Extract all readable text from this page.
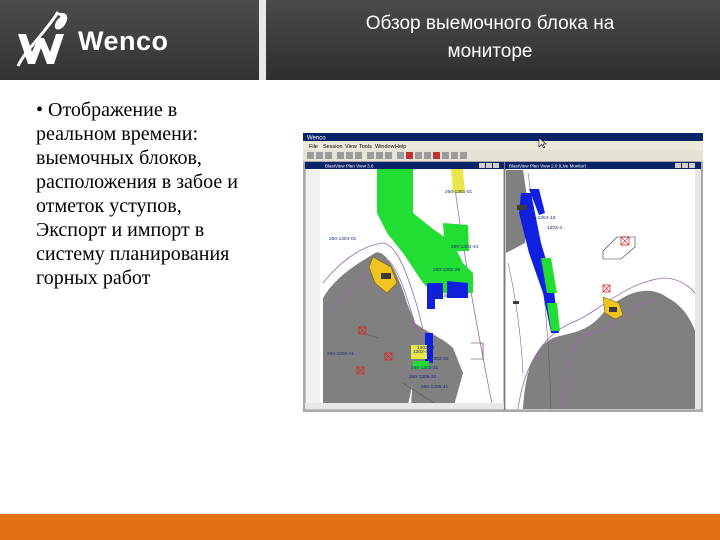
Wenco
Обзор выемочного блока на
мониторе

• Отображение в
реальном времени:
выемочных блоков,
расположения в забое и
отметок уступов,
Экспорт и импорт в
систему планирования
горных работ

Wenco
File Session View Tools Window Help
BlastView Plan View 3.0
260-1304-01
260-1303-44
260-1302-25
260-1302-24
260-1301-01
260-1302-41
260-1305-22
260-1305-41
1302-48
1302-25
260-1302-21
1302-24
BlastView Plan View 2.0 (Live Monitor)
260-1304-13
1303-4
